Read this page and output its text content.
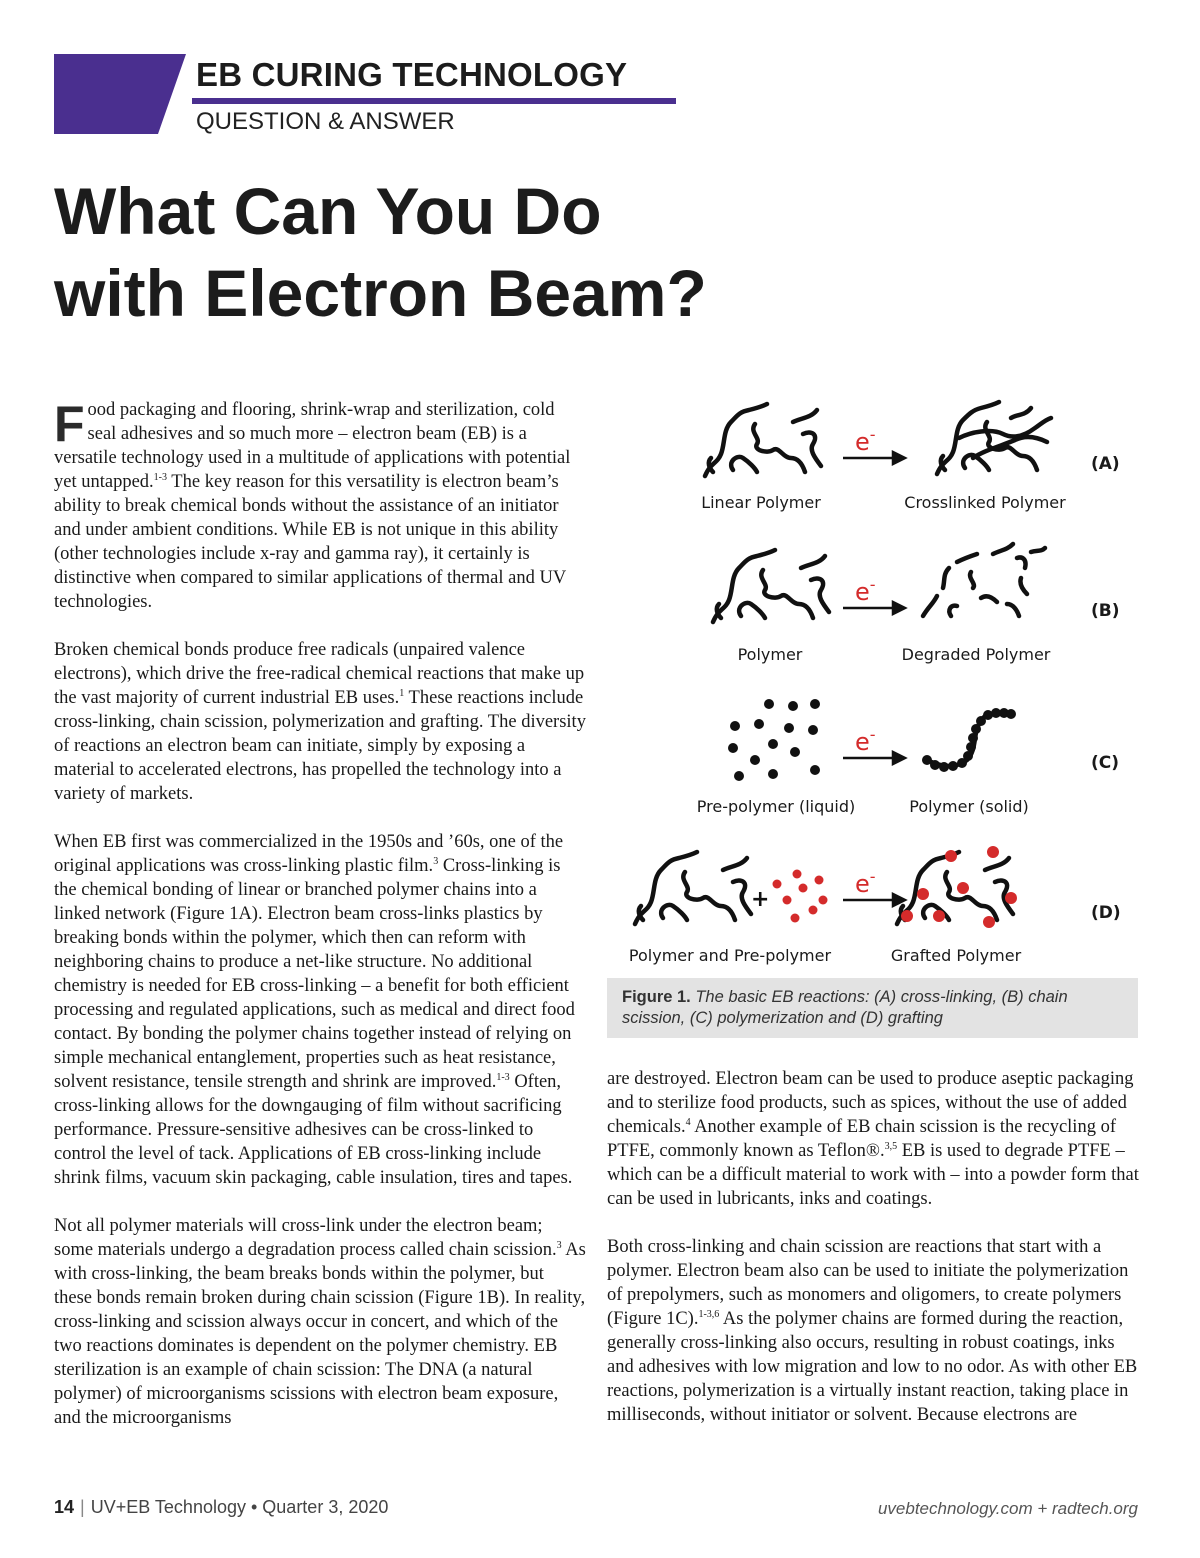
EB CURING TECHNOLOGY
QUESTION & ANSWER
What Can You Do
with Electron Beam?

Food packaging and flooring, shrink-wrap and sterilization, cold seal adhesives and so much more – electron beam (EB) is a versatile technology used in a multitude of applications with potential yet untapped.$^{1-3}$ The key reason for this versatility is electron beam’s ability to break chemical bonds without the assistance of an initiator and under ambient conditions. While EB is not unique in this ability (other technologies include x-ray and gamma ray), it certainly is distinctive when compared to similar applications of thermal and UV technologies.

Broken chemical bonds produce free radicals (unpaired valence electrons), which drive the free-radical chemical reactions that make up the vast majority of current industrial EB uses.$^1$ These reactions include cross-linking, chain scission, polymerization and grafting. The diversity of reactions an electron beam can initiate, simply by exposing a material to accelerated electrons, has propelled the technology into a variety of markets.

When EB first was commercialized in the 1950s and ’60s, one of the original applications was cross-linking plastic film.$^3$ Cross-linking is the chemical bonding of linear or branched polymer chains into a linked network (Figure 1A). Electron beam cross-links plastics by breaking bonds within the polymer, which then can reform with neighboring chains to produce a net-like structure. No additional chemistry is needed for EB cross-linking – a benefit for both efficient processing and regulated applications, such as medical and direct food contact. By bonding the polymer chains together instead of relying on simple mechanical entanglement, properties such as heat resistance, solvent resistance, tensile strength and shrink are improved.$^{1-3}$ Often, cross-linking allows for the downgauging of film without sacrificing performance. Pressure-sensitive adhesives can be cross-linked to control the level of tack. Applications of EB cross-linking include shrink films, vacuum skin packaging, cable insulation, tires and tapes.

Not all polymer materials will cross-link under the electron beam; some materials undergo a degradation process called chain scission.$^3$ As with cross-linking, the beam breaks bonds within the polymer, but these bonds remain broken during chain scission (Figure 1B). In reality, cross-linking and scission always occur in concert, and which of the two reactions dominates is dependent on the polymer chemistry. EB sterilization is an example of chain scission: The DNA (a natural polymer) of microorganisms scissions with electron beam exposure, and the microorganisms

e-
e-
e-
e-
+
Linear Polymer	Crosslinked Polymer
(A)
Polymer	Degraded Polymer
(B)
Pre-polymer (liquid)	Polymer (solid)
(C)
Polymer and Pre-polymer	Grafted Polymer
(D)
Figure 1. The basic EB reactions: (A) cross-linking, (B) chain scission, (C) polymerization and (D) grafting

are destroyed. Electron beam can be used to produce aseptic packaging and to sterilize food products, such as spices, without the use of added chemicals.$^4$ Another example of EB chain scission is the recycling of PTFE, commonly known as Teflon®.$^{3,5}$ EB is used to degrade PTFE – which can be a difficult material to work with – into a powder form that can be used in lubricants, inks and coatings.

Both cross-linking and chain scission are reactions that start with a polymer. Electron beam also can be used to initiate the polymerization of prepolymers, such as monomers and oligomers, to create polymers (Figure 1C).$^{1-3,6}$ As the polymer chains are formed during the reaction, generally cross-linking also occurs, resulting in robust coatings, inks and adhesives with low migration and low to no odor. As with other EB reactions, polymerization is a virtually instant reaction, taking place in milliseconds, without initiator or solvent. Because electrons are

14 | UV+EB Technology • Quarter 3, 2020	uvebtechnology.com + radtech.org
